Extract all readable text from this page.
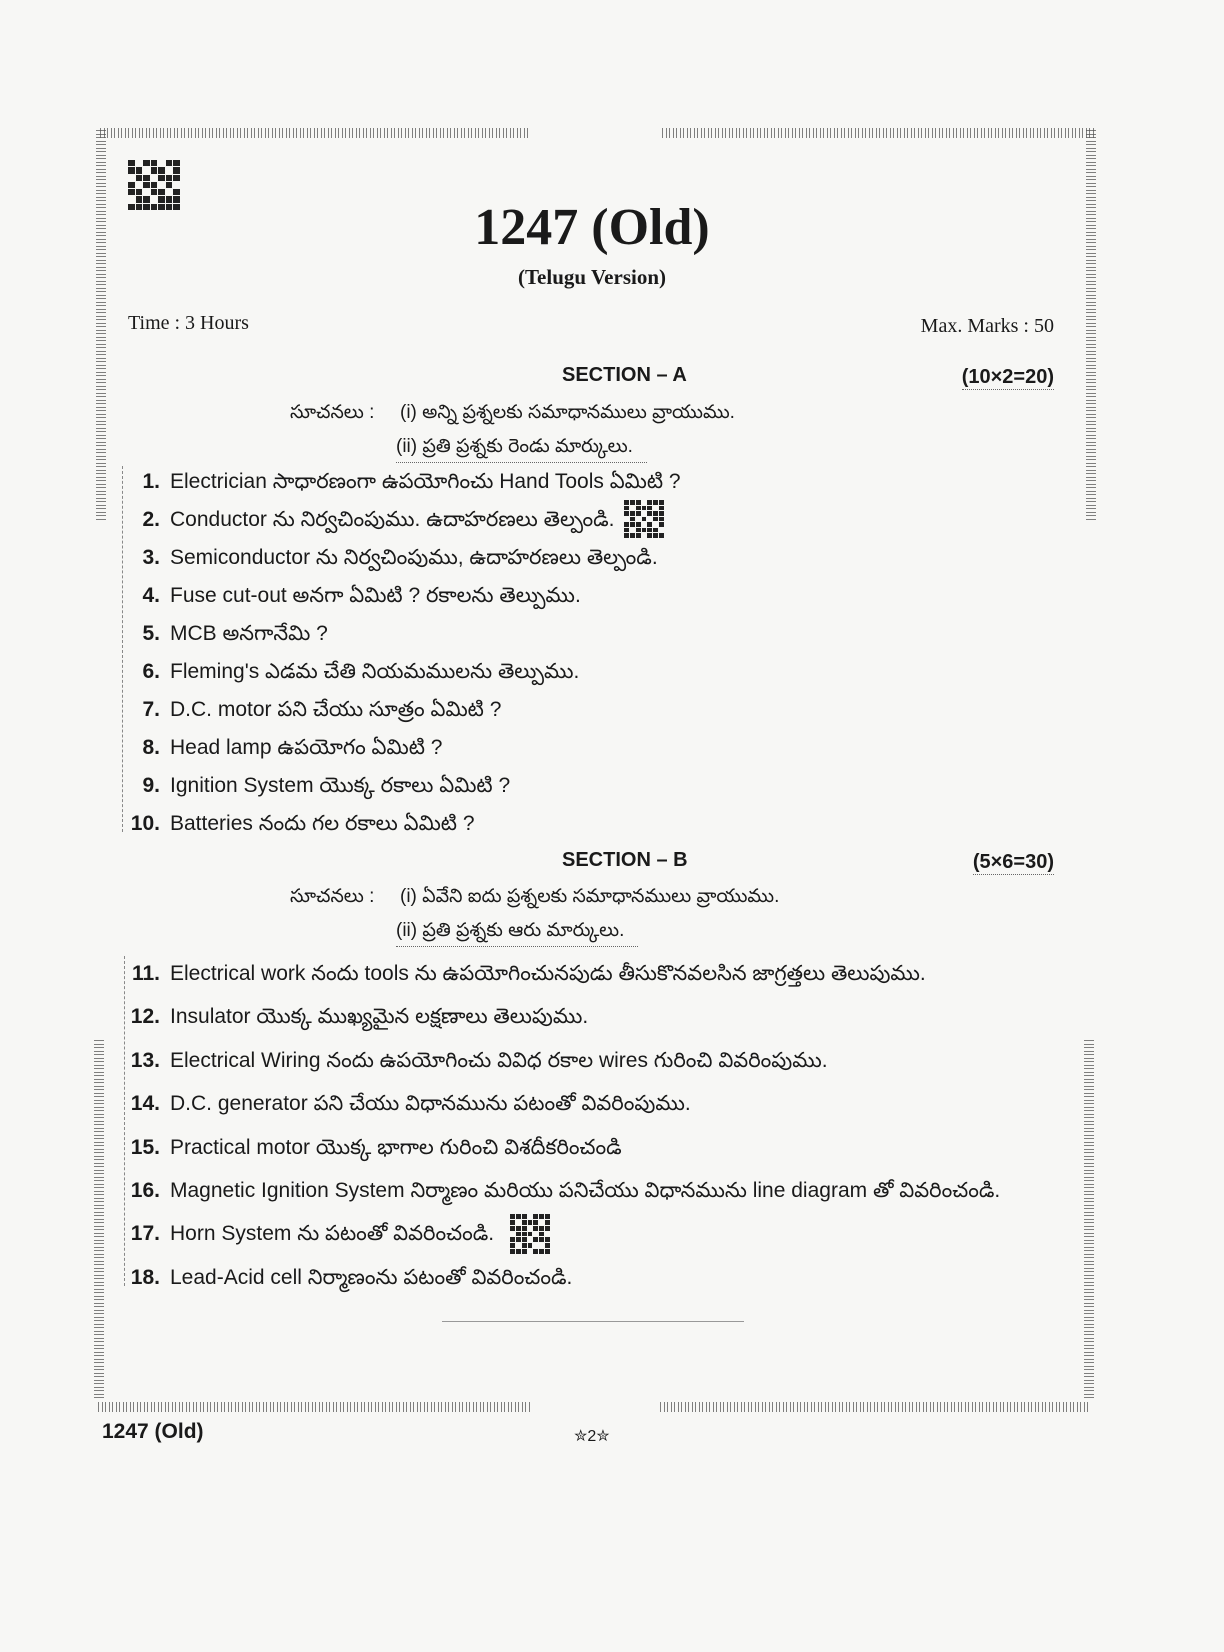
1247 (Old)
(Telugu Version)
Time : 3 Hours	Max. Marks : 50
SECTION – A	(10×2=20)
సూచనలు : (i) అన్ని ప్రశ్నలకు సమాధానములు వ్రాయుము.
(ii) ప్రతి ప్రశ్నకు రెండు మార్కులు.
1. Electrician సాధారణంగా ఉపయోగించు Hand Tools ఏమిటి ?
2. Conductor ను నిర్వచింపుము. ఉదాహరణలు తెల్పండి.
3. Semiconductor ను నిర్వచింపుము, ఉదాహరణలు తెల్పండి.
4. Fuse cut-out అనగా ఏమిటి ? రకాలను తెల్పుము.
5. MCB అనగానేమి ?
6. Fleming's ఎడమ చేతి నియమములను తెల్పుము.
7. D.C. motor పని చేయు సూత్రం ఏమిటి ?
8. Head lamp ఉపయోగం ఏమిటి ?
9. Ignition System యొక్క రకాలు ఏమిటి ?
10. Batteries నందు గల రకాలు ఏమిటి ?
SECTION – B	(5×6=30)
సూచనలు : (i) ఏవేని ఐదు ప్రశ్నలకు సమాధానములు వ్రాయుము.
(ii) ప్రతి ప్రశ్నకు ఆరు మార్కులు.
11. Electrical work నందు tools ను ఉపయోగించునపుడు తీసుకొనవలసిన జాగ్రత్తలు తెలుపుము.
12. Insulator యొక్క ముఖ్యమైన లక్షణాలు తెలుపుము.
13. Electrical Wiring నందు ఉపయోగించు వివిధ రకాల wires గురించి వివరింపుము.
14. D.C. generator పని చేయు విధానమును పటంతో వివరింపుము.
15. Practical motor యొక్క భాగాల గురించి విశదీకరించండి
16. Magnetic Ignition System నిర్మాణం మరియు పనిచేయు విధానమును line diagram తో వివరించండి.
17. Horn System ను పటంతో వివరించండి.
18. Lead-Acid cell నిర్మాణంను పటంతో వివరించండి.
1247 (Old)	✮2✮
